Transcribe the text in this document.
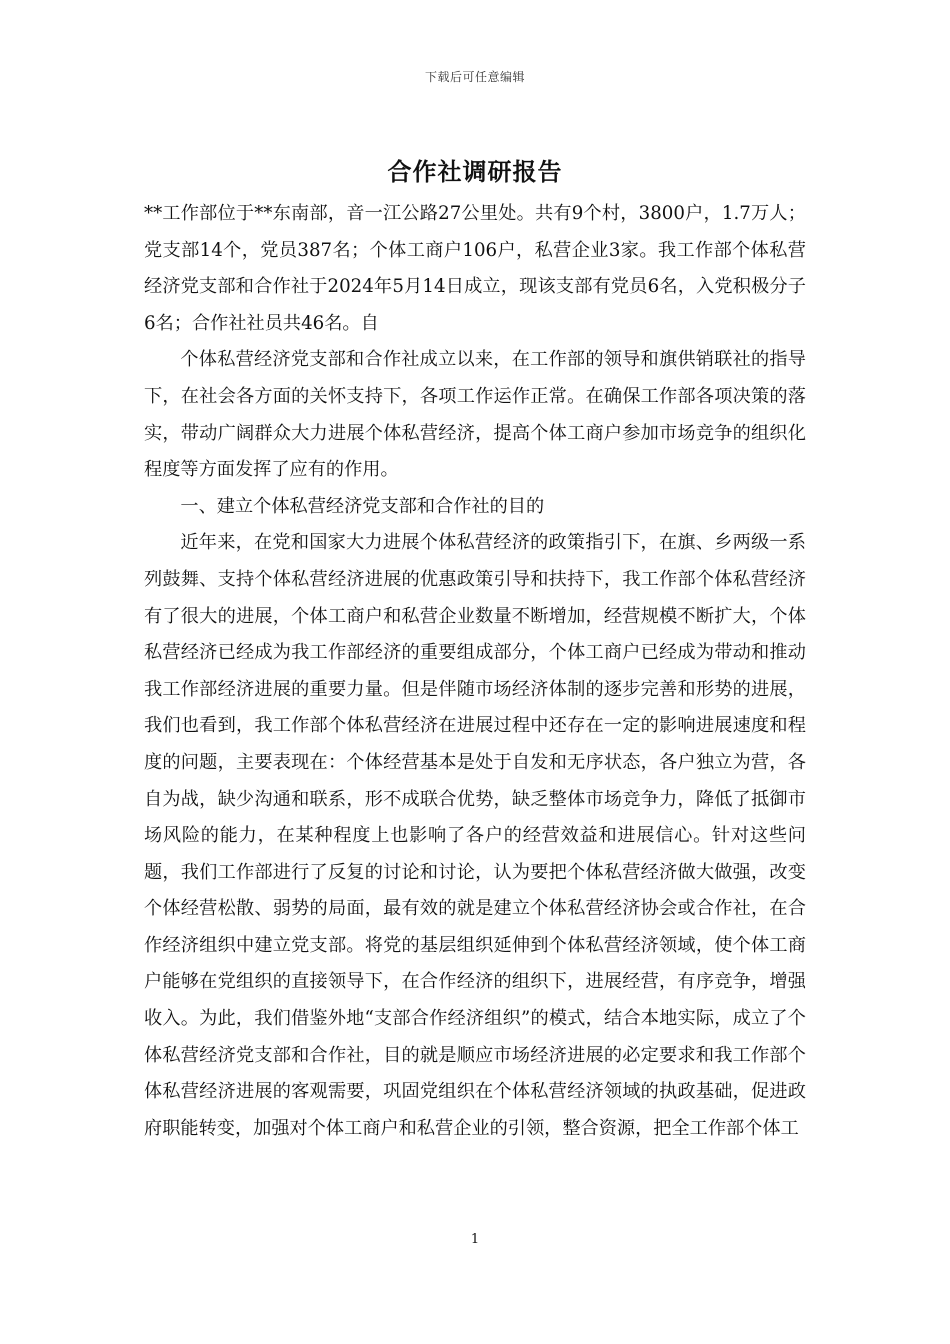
下载后可任意编辑
合作社调研报告

**工作部位于**东南部，音一江公路27公里处。共有9个村，3800户，1.7万人；党支部14个，党员387名；个体工商户106户，私营企业3家。我工作部个体私营经济党支部和合作社于2024年5月14日成立，现该支部有党员6名，入党积极分子6名；合作社社员共46名。自

个体私营经济党支部和合作社成立以来，在工作部的领导和旗供销联社的指导下，在社会各方面的关怀支持下，各项工作运作正常。在确保工作部各项决策的落实，带动广阔群众大力进展个体私营经济，提高个体工商户参加市场竞争的组织化程度等方面发挥了应有的作用。

一、建立个体私营经济党支部和合作社的目的

近年来，在党和国家大力进展个体私营经济的政策指引下，在旗、乡两级一系列鼓舞、支持个体私营经济进展的优惠政策引导和扶持下，我工作部个体私营经济有了很大的进展，个体工商户和私营企业数量不断增加，经营规模不断扩大，个体私营经济已经成为我工作部经济的重要组成部分，个体工商户已经成为带动和推动我工作部经济进展的重要力量。但是伴随市场经济体制的逐步完善和形势的进展，我们也看到，我工作部个体私营经济在进展过程中还存在一定的影响进展速度和程度的问题，主要表现在：个体经营基本是处于自发和无序状态，各户独立为营，各自为战，缺少沟通和联系，形不成联合优势，缺乏整体市场竞争力，降低了抵御市场风险的能力，在某种程度上也影响了各户的经营效益和进展信心。针对这些问题，我们工作部进行了反复的讨论和讨论，认为要把个体私营经济做大做强，改变个体经营松散、弱势的局面，最有效的就是建立个体私营经济协会或合作社，在合作经济组织中建立党支部。将党的基层组织延伸到个体私营经济领域，使个体工商户能够在党组织的直接领导下，在合作经济的组织下，进展经营，有序竞争，增强收入。为此，我们借鉴外地“支部合作经济组织”的模式，结合本地实际，成立了个体私营经济党支部和合作社，目的就是顺应市场经济进展的必定要求和我工作部个体私营经济进展的客观需要，巩固党组织在个体私营经济领域的执政基础，促进政府职能转变，加强对个体工商户和私营企业的引领，整合资源，把全工作部个体工

1
